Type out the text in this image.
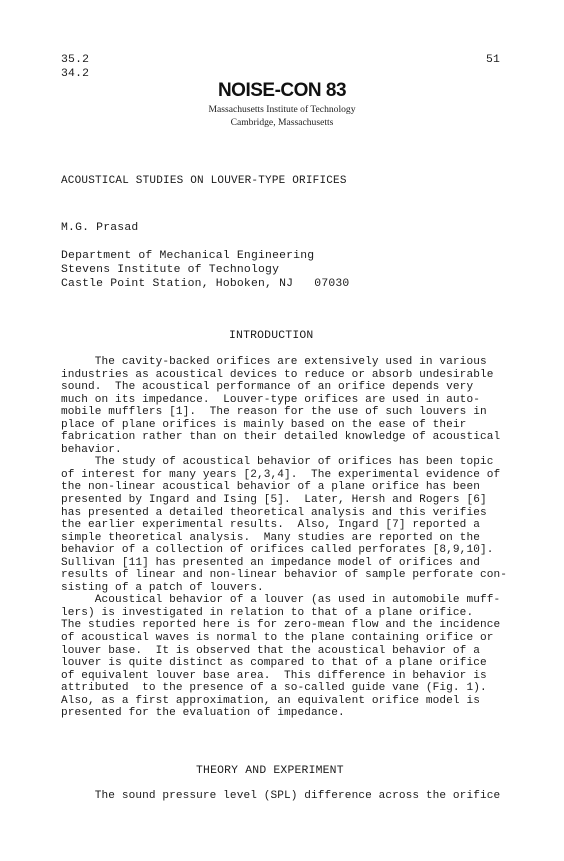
35.2
34.2
51
NOISE-CON 83
Massachusetts Institute of Technology
Cambridge, Massachusetts
ACOUSTICAL STUDIES ON LOUVER-TYPE ORIFICES
M.G. Prasad
Department of Mechanical Engineering
Stevens Institute of Technology
Castle Point Station, Hoboken, NJ   07030
INTRODUCTION
The cavity-backed orifices are extensively used in various
industries as acoustical devices to reduce or absorb undesirable
sound.  The acoustical performance of an orifice depends very
much on its impedance.  Louver-type orifices are used in auto-
mobile mufflers [1].  The reason for the use of such louvers in
place of plane orifices is mainly based on the ease of their
fabrication rather than on their detailed knowledge of acoustical
behavior.
The study of acoustical behavior of orifices has been topic
of interest for many years [2,3,4].  The experimental evidence of
the non-linear acoustical behavior of a plane orifice has been
presented by Ingard and Ising [5].  Later, Hersh and Rogers [6]
has presented a detailed theoretical analysis and this verifies
the earlier experimental results.  Also, Ingard [7] reported a
simple theoretical analysis.  Many studies are reported on the
behavior of a collection of orifices called perforates [8,9,10].
Sullivan [11] has presented an impedance model of orifices and
results of linear and non-linear behavior of sample perforate con-
sisting of a patch of louvers.
Acoustical behavior of a louver (as used in automobile muff-
lers) is investigated in relation to that of a plane orifice.
The studies reported here is for zero-mean flow and the incidence
of acoustical waves is normal to the plane containing orifice or
louver base.  It is observed that the acoustical behavior of a
louver is quite distinct as compared to that of a plane orifice
of equivalent louver base area.  This difference in behavior is
attributed  to the presence of a so-called guide vane (Fig. 1).
Also, as a first approximation, an equivalent orifice model is
presented for the evaluation of impedance.
THEORY AND EXPERIMENT
The sound pressure level (SPL) difference across the orifice
